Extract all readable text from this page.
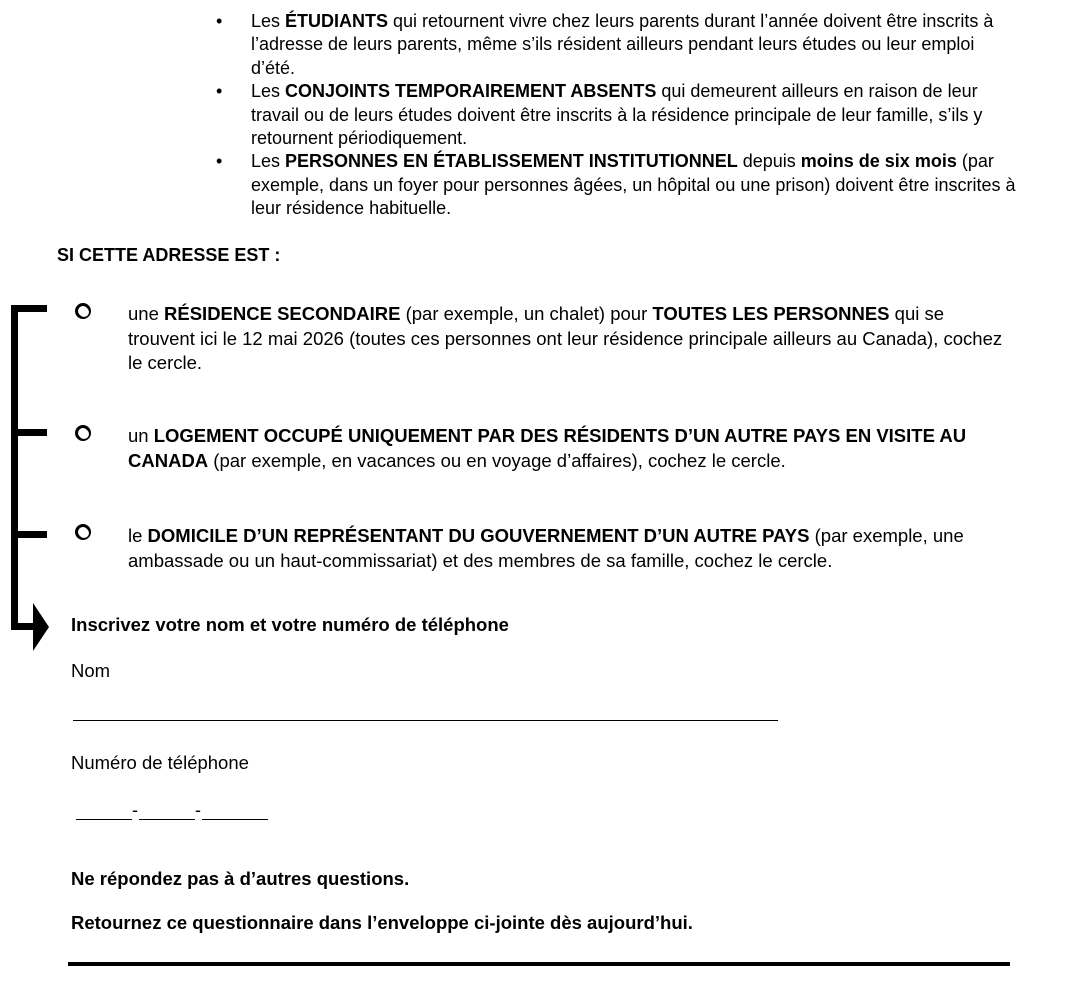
• Les ÉTUDIANTS qui retournent vivre chez leurs parents durant l’année doivent être inscrits à l’adresse de leurs parents, même s’ils résident ailleurs pendant leurs études ou leur emploi d’été.
• Les CONJOINTS TEMPORAIREMENT ABSENTS qui demeurent ailleurs en raison de leur travail ou de leurs études doivent être inscrits à la résidence principale de leur famille, s’ils y retournent périodiquement.
• Les PERSONNES EN ÉTABLISSEMENT INSTITUTIONNEL depuis moins de six mois (par exemple, dans un foyer pour personnes âgées, un hôpital ou une prison) doivent être inscrites à leur résidence habituelle.
SI CETTE ADRESSE EST :
une RÉSIDENCE SECONDAIRE (par exemple, un chalet) pour TOUTES LES PERSONNES qui se trouvent ici le 12 mai 2026 (toutes ces personnes ont leur résidence principale ailleurs au Canada), cochez le cercle.
un LOGEMENT OCCUPÉ UNIQUEMENT PAR DES RÉSIDENTS D’UN AUTRE PAYS EN VISITE AU CANADA (par exemple, en vacances ou en voyage d’affaires), cochez le cercle.
le DOMICILE D’UN REPRÉSENTANT DU GOUVERNEMENT D’UN AUTRE PAYS (par exemple, une ambassade ou un haut-commissariat) et des membres de sa famille, cochez le cercle.
Inscrivez votre nom et votre numéro de téléphone
Nom
Numéro de téléphone
-	-
Ne répondez pas à d’autres questions.
Retournez ce questionnaire dans l’enveloppe ci-jointe dès aujourd’hui.
